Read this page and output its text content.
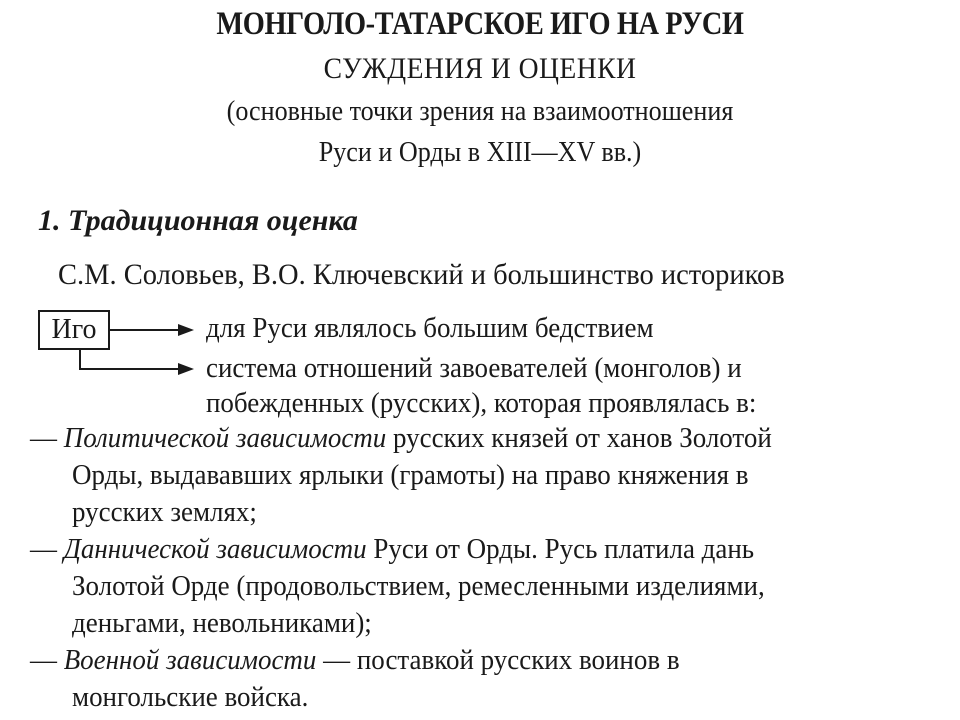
МОНГОЛО-ТАТАРСКОЕ ИГО НА РУСИ
СУЖДЕНИЯ И ОЦЕНКИ
(основные точки зрения на взаимоотношения
Руси и Орды в XIII—XV вв.)
1. Традиционная оценка
С.М. Соловьев, В.О. Ключевский и большинство историков
Иго	для Руси являлось большим бедствием
система отношений завоевателей (монголов) и
побежденных (русских), которая проявлялась в:
— Политической зависимости русских князей от ханов Золотой
Орды, выдававших ярлыки (грамоты) на право княжения в
русских землях;
— Даннической зависимости Руси от Орды. Русь платила дань
Золотой Орде (продовольствием, ремесленными изделиями,
деньгами, невольниками);
— Военной зависимости — поставкой русских воинов в
монгольские войска.
